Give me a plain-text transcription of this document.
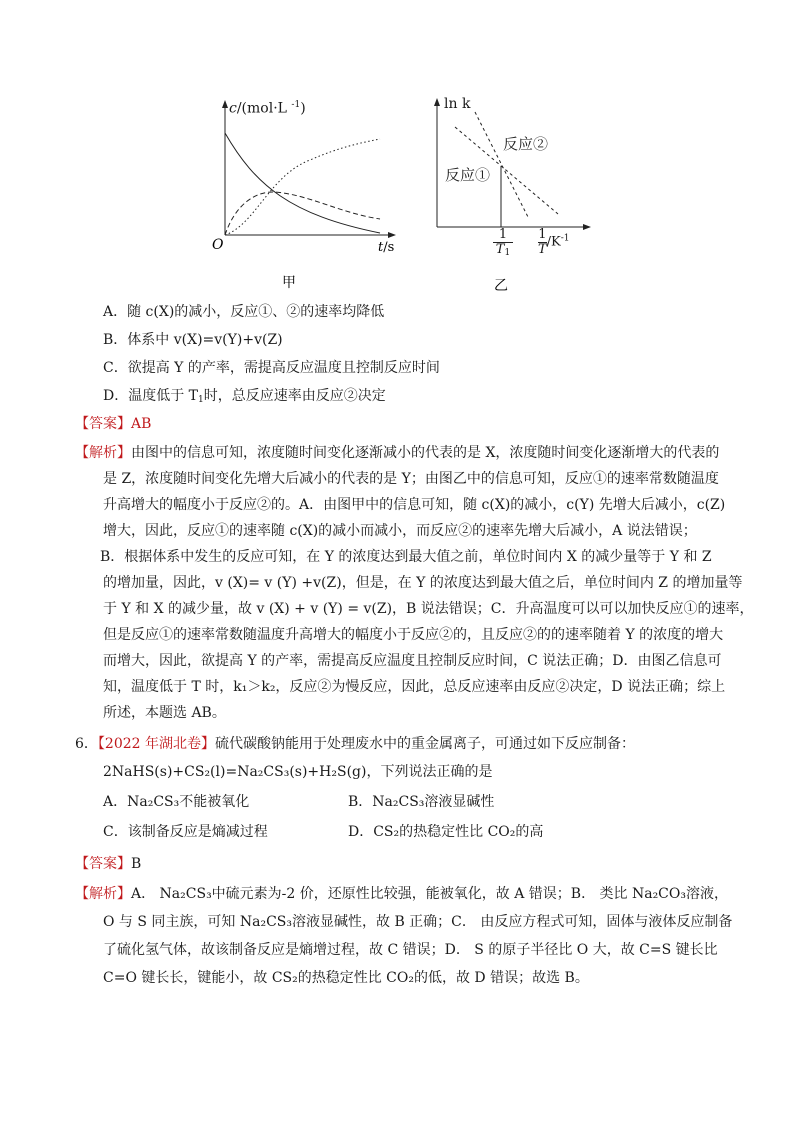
O	t/s
甲
c/(mol·L $^{-1}$)
乙
ln k
反应②
反应①
1
$T_1 \frac{1}{T} /K^{-1}$
A．随 c(X)的减小，反应①、②的速率均降低
B．体系中 v(X)=v(Y)+v(Z)
C．欲提高 Y 的产率，需提高反应温度且控制反应时间
D．温度低于 $T_1$时，总反应速率由反应②决定
【答案】AB
【解析】由图中的信息可知，浓度随时间变化逐渐减小的代表的是 X，浓度随时间变化逐渐增大的代表的
是 Z，浓度随时间变化先增大后减小的代表的是 Y；由图乙中的信息可知，反应①的速率常数随温度
升高增大的幅度小于反应②的。A．由图甲中的信息可知，随 c(X)的减小，c(Y) 先增大后减小，c(Z)
增大，因此，反应①的速率随 c(X)的减小而减小，而反应②的速率先增大后减小，A 说法错误；
B．根据体系中发生的反应可知，在 Y 的浓度达到最大值之前，单位时间内 X 的减少量等于 Y 和 Z
的增加量，因此，v (X)= v (Y) +v(Z)，但是，在 Y 的浓度达到最大值之后，单位时间内 Z 的增加量等
于 Y 和 X 的减少量，故 v (X) + v (Y) = v(Z)，B 说法错误；C．升高温度可以可以加快反应①的速率，
但是反应①的速率常数随温度升高增大的幅度小于反应②的，且反应②的的速率随着 Y 的浓度的增大
而增大，因此，欲提高 Y 的产率，需提高反应温度且控制反应时间，C 说法正确；D．由图乙信息可
知，温度低于 T 时，k₁＞k₂，反应②为慢反应，因此，总反应速率由反应②决定，D 说法正确；综上
所述，本题选 AB。
6．【2022 年湖北卷】硫代碳酸钠能用于处理废水中的重金属离子，可通过如下反应制备：
2NaHS(s)+CS₂(l)=Na₂CS₃(s)+H₂S(g)，下列说法正确的是
A．Na₂CS₃不能被氧化	B．Na₂CS₃溶液显碱性
C．该制备反应是熵减过程	D．CS₂的热稳定性比 CO₂的高
【答案】B
【解析】A． Na₂CS₃中硫元素为-2 价，还原性比较强，能被氧化，故 A 错误；B． 类比 Na₂CO₃溶液，
O 与 S 同主族，可知 Na₂CS₃溶液显碱性，故 B 正确；C． 由反应方程式可知，固体与液体反应制备
了硫化氢气体，故该制备反应是熵增过程，故 C 错误；D． S 的原子半径比 O 大，故 C=S 键长比
C=O 键长长，键能小，故 CS₂的热稳定性比 CO₂的低，故 D 错误；故选 B。
